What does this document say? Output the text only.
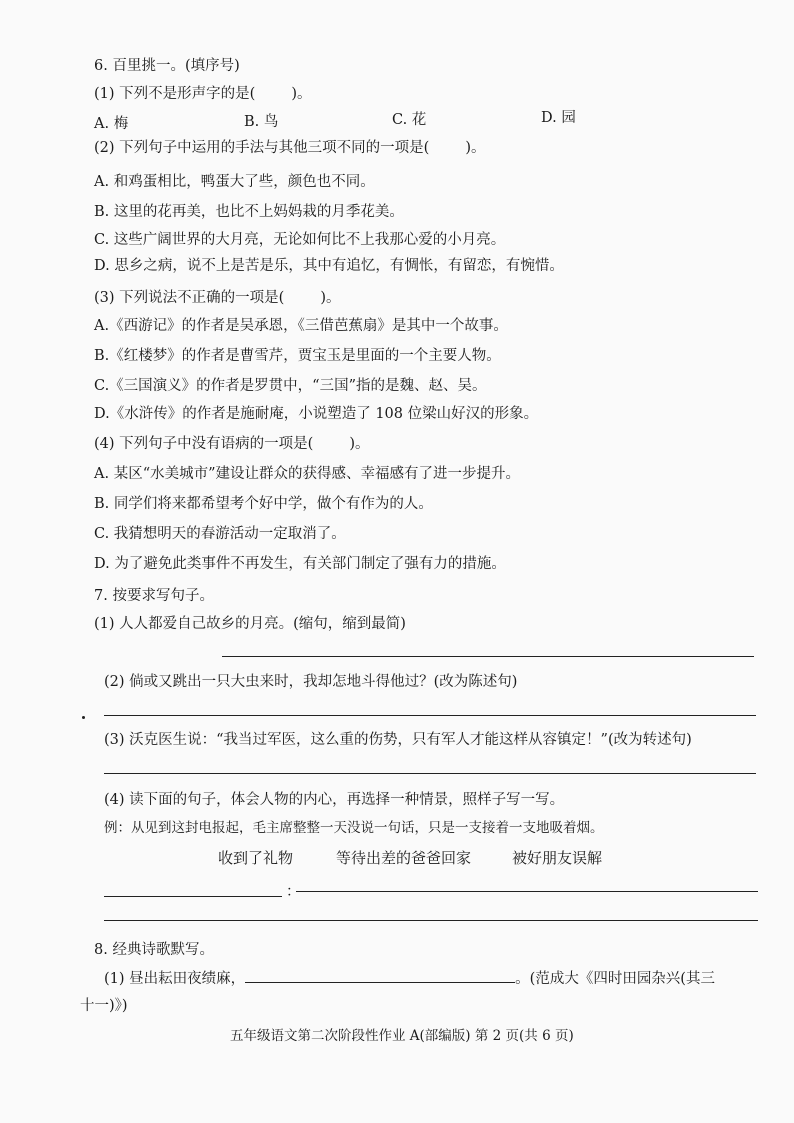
6. 百里挑一。(填序号)
(1) 下列不是形声字的是( )。
A. 梅	B. 鸟	C. 花	D. 园
(2) 下列句子中运用的手法与其他三项不同的一项是( )。
A. 和鸡蛋相比，鸭蛋大了些，颜色也不同。
B. 这里的花再美，也比不上妈妈栽的月季花美。
C. 这些广阔世界的大月亮，无论如何比不上我那心爱的小月亮。
D. 思乡之病，说不上是苦是乐，其中有追忆，有惆怅，有留恋，有惋惜。
(3) 下列说法不正确的一项是( )。
A.《西游记》的作者是吴承恩，《三借芭蕉扇》是其中一个故事。
B.《红楼梦》的作者是曹雪芹，贾宝玉是里面的一个主要人物。
C.《三国演义》的作者是罗贯中，“三国”指的是魏、赵、吴。
D.《水浒传》的作者是施耐庵，小说塑造了 108 位梁山好汉的形象。
(4) 下列句子中没有语病的一项是( )。
A. 某区“水美城市”建设让群众的获得感、幸福感有了进一步提升。
B. 同学们将来都希望考个好中学，做个有作为的人。
C. 我猜想明天的春游活动一定取消了。
D. 为了避免此类事件不再发生，有关部门制定了强有力的措施。
7. 按要求写句子。
(1) 人人都爱自己故乡的月亮。(缩句，缩到最简)
(2) 倘或又跳出一只大虫来时，我却怎地斗得他过？(改为陈述句)
(3) 沃克医生说：“我当过军医，这么重的伤势，只有军人才能这样从容镇定！”(改为转述句)
(4) 读下面的句子，体会人物的内心，再选择一种情景，照样子写一写。
例：从见到这封电报起，毛主席整整一天没说一句话，只是一支接着一支地吸着烟。
收到了礼物	等待出差的爸爸回家	被好朋友误解
：
8. 经典诗歌默写。
(1) 昼出耘田夜绩麻，	。(范成大《四时田园杂兴(其三
十一)》)
五年级语文第二次阶段性作业 A(部编版) 第 2 页(共 6 页)
